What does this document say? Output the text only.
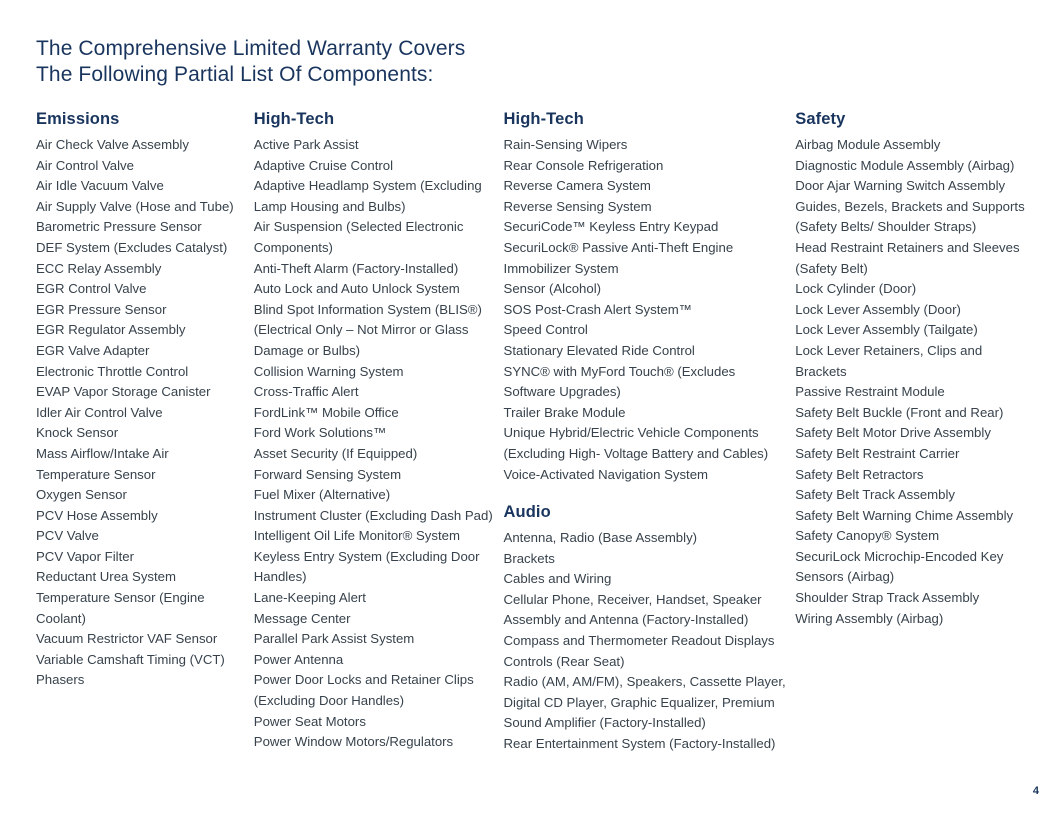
The Comprehensive Limited Warranty Covers
The Following Partial List Of Components:
Emissions
Air Check Valve Assembly
Air Control Valve
Air Idle Vacuum Valve
Air Supply Valve (Hose and Tube)
Barometric Pressure Sensor
DEF System (Excludes Catalyst)
ECC Relay Assembly
EGR Control Valve
EGR Pressure Sensor
EGR Regulator Assembly
EGR Valve Adapter
Electronic Throttle Control
EVAP Vapor Storage Canister
Idler Air Control Valve
Knock Sensor
Mass Airflow/Intake Air Temperature Sensor
Oxygen Sensor
PCV Hose Assembly
PCV Valve
PCV Vapor Filter
Reductant Urea System
Temperature Sensor (Engine Coolant)
Vacuum Restrictor VAF Sensor
Variable Camshaft Timing (VCT) Phasers
High-Tech
Active Park Assist
Adaptive Cruise Control
Adaptive Headlamp System (Excluding Lamp Housing and Bulbs)
Air Suspension (Selected Electronic Components)
Anti-Theft Alarm (Factory-Installed)
Auto Lock and Auto Unlock System
Blind Spot Information System (BLIS®) (Electrical Only – Not Mirror or Glass Damage or Bulbs)
Collision Warning System
Cross-Traffic Alert
FordLink™ Mobile Office
Ford Work Solutions™
Asset Security (If Equipped)
Forward Sensing System
Fuel Mixer (Alternative)
Instrument Cluster (Excluding Dash Pad)
Intelligent Oil Life Monitor® System
Keyless Entry System (Excluding Door Handles)
Lane-Keeping Alert
Message Center
Parallel Park Assist System
Power Antenna
Power Door Locks and Retainer Clips (Excluding Door Handles)
Power Seat Motors
Power Window Motors/Regulators
High-Tech
Rain-Sensing Wipers
Rear Console Refrigeration
Reverse Camera System
Reverse Sensing System
SecuriCode™ Keyless Entry Keypad
SecuriLock® Passive Anti-Theft Engine Immobilizer System
Sensor (Alcohol)
SOS Post-Crash Alert System™
Speed Control
Stationary Elevated Ride Control
SYNC® with MyFord Touch® (Excludes Software Upgrades)
Trailer Brake Module
Unique Hybrid/Electric Vehicle Components (Excluding High- Voltage Battery and Cables)
Voice-Activated Navigation System
Audio
Antenna, Radio (Base Assembly)
Brackets
Cables and Wiring
Cellular Phone, Receiver, Handset, Speaker Assembly and Antenna (Factory-Installed)
Compass and Thermometer Readout Displays
Controls (Rear Seat)
Radio (AM, AM/FM), Speakers, Cassette Player, Digital CD Player, Graphic Equalizer, Premium Sound Amplifier (Factory-Installed)
Rear Entertainment System (Factory-Installed)
Safety
Airbag Module Assembly
Diagnostic Module Assembly (Airbag)
Door Ajar Warning Switch Assembly
Guides, Bezels, Brackets and Supports (Safety Belts/ Shoulder Straps)
Head Restraint Retainers and Sleeves (Safety Belt)
Lock Cylinder (Door)
Lock Lever Assembly (Door)
Lock Lever Assembly (Tailgate)
Lock Lever Retainers, Clips and Brackets
Passive Restraint Module
Safety Belt Buckle (Front and Rear)
Safety Belt Motor Drive Assembly
Safety Belt Restraint Carrier
Safety Belt Retractors
Safety Belt Track Assembly
Safety Belt Warning Chime Assembly
Safety Canopy® System
SecuriLock Microchip-Encoded Key
Sensors (Airbag)
Shoulder Strap Track Assembly
Wiring Assembly (Airbag)
4
